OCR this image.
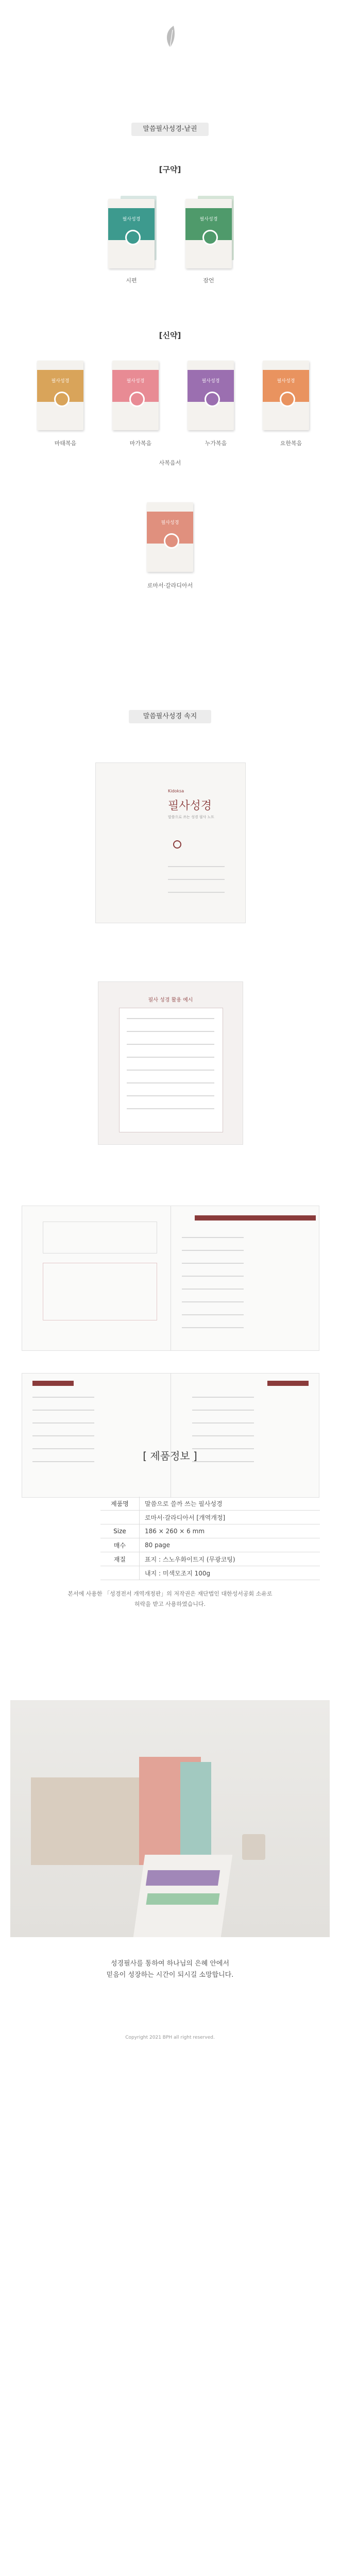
말씀필사성경-낱권
[구약]
필사성경
시편
필사성경
잠언
[신약]
필사성경
마태복음
필사성경
마가복음
필사성경
누가복음
필사성경
요한복음
사복음서
필사성경
로마서·갈라디아서
말씀필사성경 속지
Kidoksa
필사성경
말씀으로 쓰는 성경 필사 노트
필사 성경 활용 예시
[ 제품정보 ]
제품명	말씀으로 쓸까 쓰는 필사성경
	로마서·갈라디아서 [개역개정]
Size	186 × 260 × 6 mm
매수	80 page
재질	표지 : 스노우화이트지 (무광코팅)
	내지 : 미색모조지 100g
본서에 사용한 「성경전서 개역개정판」의 저작권은 재단법인 대한성서공회 소유로
허락을 받고 사용하였습니다.
성경필사를 통하여 하나님의 은혜 안에서
믿음이 성장하는 시간이 되시길 소망합니다.
Copyright 2021 BPH all right reserved.
